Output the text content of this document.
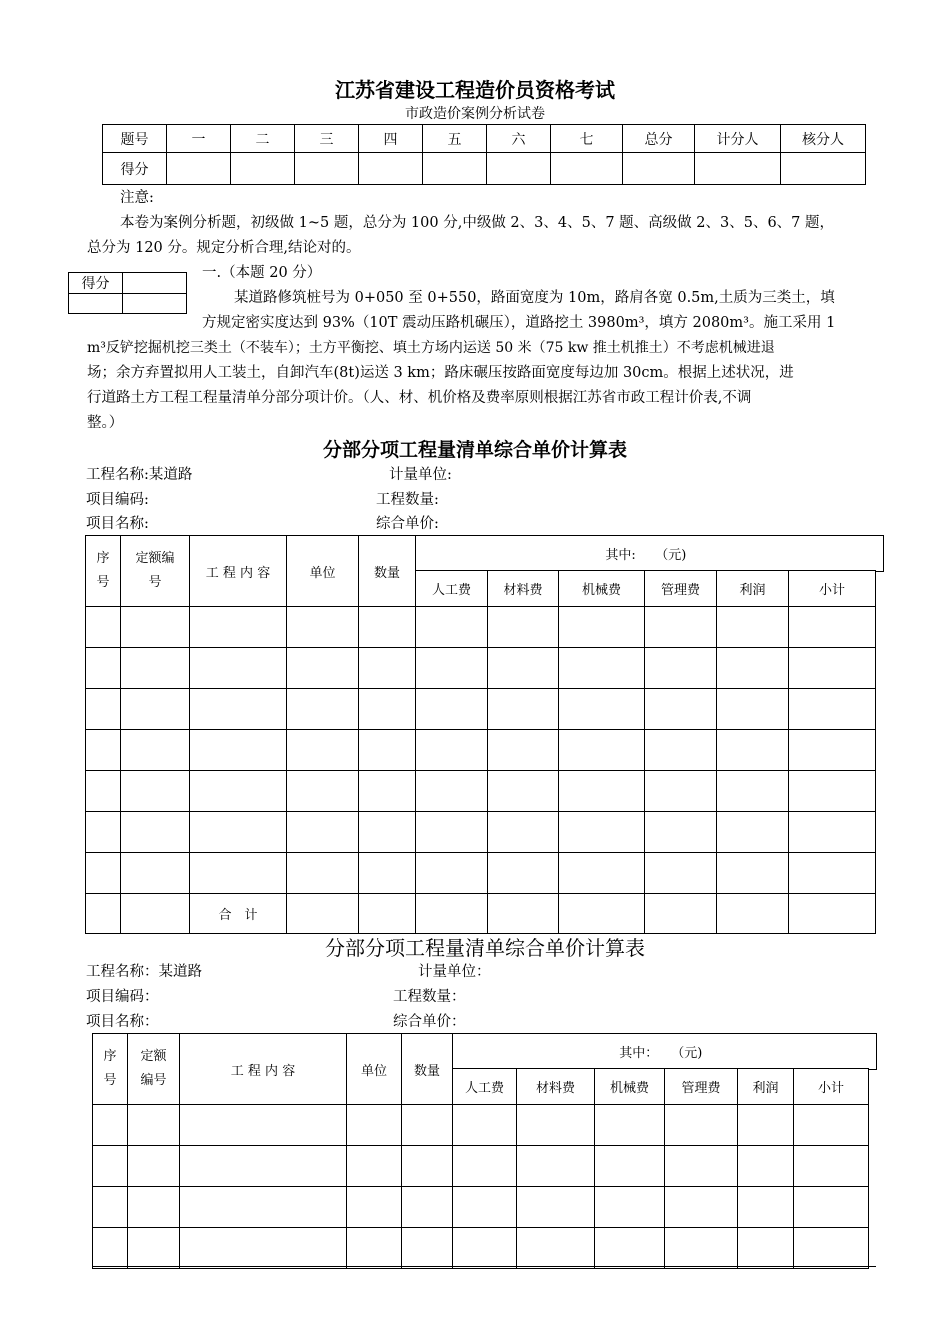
江苏省建设工程造价员资格考试
市政造价案例分析试卷
题号	一	二	三	四	五	六	七	总分	计分人	核分人
得分										
注意:
本卷为案例分析题，初级做 1~5 题，总分为 100 分,中级做 2、3、4、5、7 题、高级做 2、3、5、6、7 题，
总分为 120 分。规定分析合理,结论对的。
得分	

一.（本题 20 分）
某道路修筑桩号为 0+050 至 0+550，路面宽度为 10m，路肩各宽 0.5m,土质为三类土，填
方规定密实度达到 93%（10T 震动压路机碾压），道路挖土 3980m³，填方 2080m³。施工采用 1
m³反铲挖掘机挖三类土（不装车）；土方平衡挖、填土方场内运送 50 米（75 kw 推土机推土）不考虑机械进退
场；余方弃置拟用人工装土，自卸汽车(8t)运送 3 km；路床碾压按路面宽度每边加 30cm。根据上述状况，进
行道路土方工程工程量清单分部分项计价。（人、材、机价格及费率原则根据江苏省市政工程计价表,不调
整。）
分部分项工程量清单综合单价计算表
工程名称:某道路	计量单位:
项目编码:	工程数量:
项目名称:	综合单价:
序号	定额编号	工 程 内 容	单位	数量	其中:　　（元)					
					人工费	材料费	机械费	管理费	利润	小计

		合　计								
分部分项工程量清单综合单价计算表
工程名称：某道路	计量单位：
项目编码：	工程数量：
项目名称：	综合单价：
序号	定额编号	工 程 内 容	单位	数量	其中：　　（元)					
					人工费	材料费	机械费	管理费	利润	小计
